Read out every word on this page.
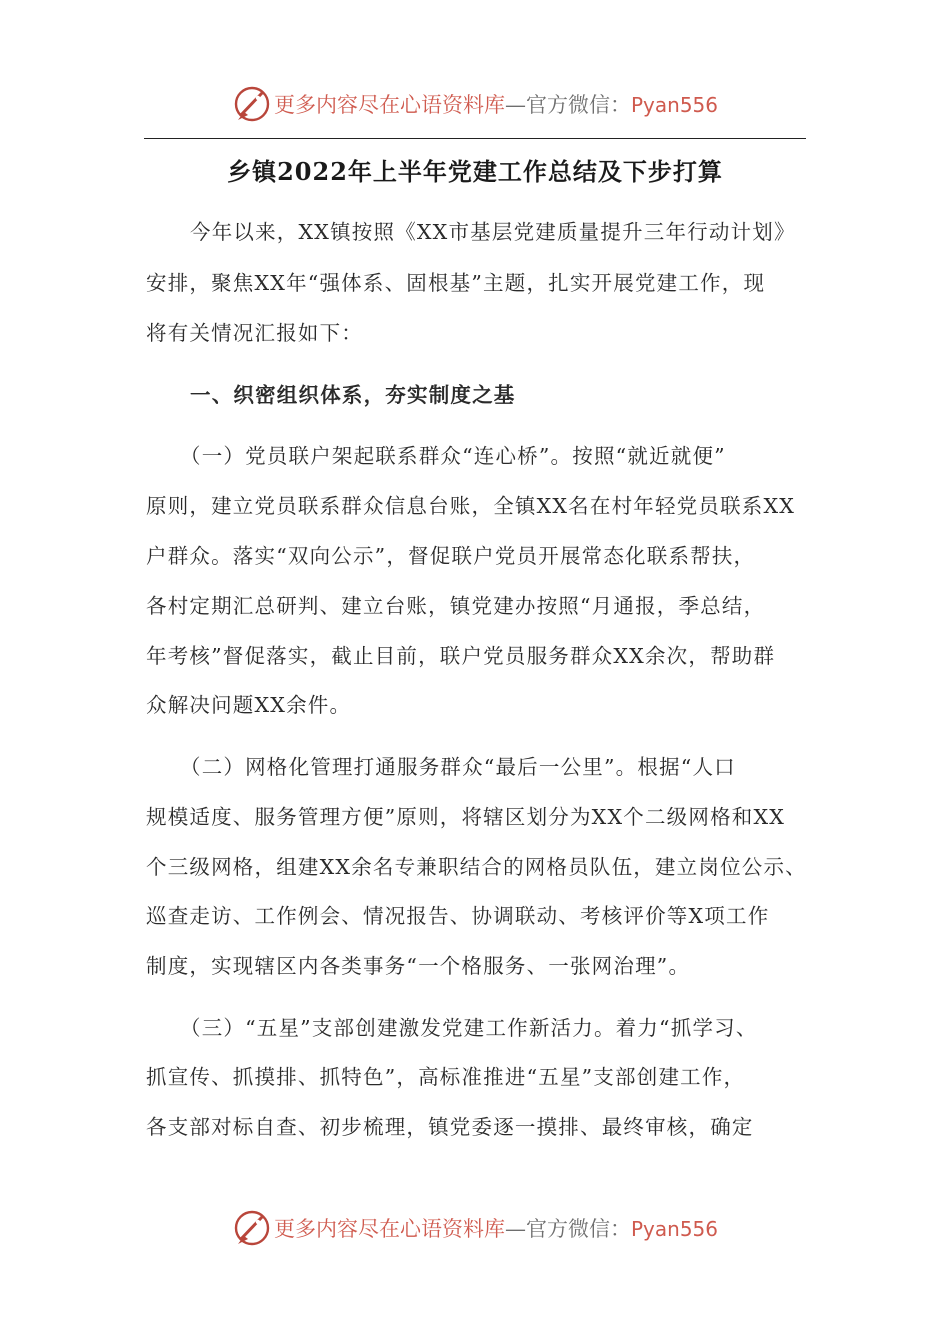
更多内容尽在心语资料库—官方微信：Pyan556
乡镇2022年上半年党建工作总结及下步打算
今年以来，XX镇按照《XX市基层党建质量提升三年行动计划》
安排，聚焦XX年“强体系、固根基”主题，扎实开展党建工作，现
将有关情况汇报如下：
一、织密组织体系，夯实制度之基
（一）党员联户架起联系群众“连心桥”。按照“就近就便”
原则，建立党员联系群众信息台账，全镇XX名在村年轻党员联系XX
户群众。落实“双向公示”，督促联户党员开展常态化联系帮扶，
各村定期汇总研判、建立台账，镇党建办按照“月通报，季总结，
年考核”督促落实，截止目前，联户党员服务群众XX余次，帮助群
众解决问题XX余件。
（二）网格化管理打通服务群众“最后一公里”。根据“人口
规模适度、服务管理方便”原则，将辖区划分为XX个二级网格和XX
个三级网格，组建XX余名专兼职结合的网格员队伍，建立岗位公示、
巡查走访、工作例会、情况报告、协调联动、考核评价等X项工作
制度，实现辖区内各类事务“一个格服务、一张网治理”。
（三）“五星”支部创建激发党建工作新活力。着力“抓学习、
抓宣传、抓摸排、抓特色”，高标准推进“五星”支部创建工作，
各支部对标自查、初步梳理，镇党委逐一摸排、最终审核，确定
更多内容尽在心语资料库—官方微信：Pyan556
